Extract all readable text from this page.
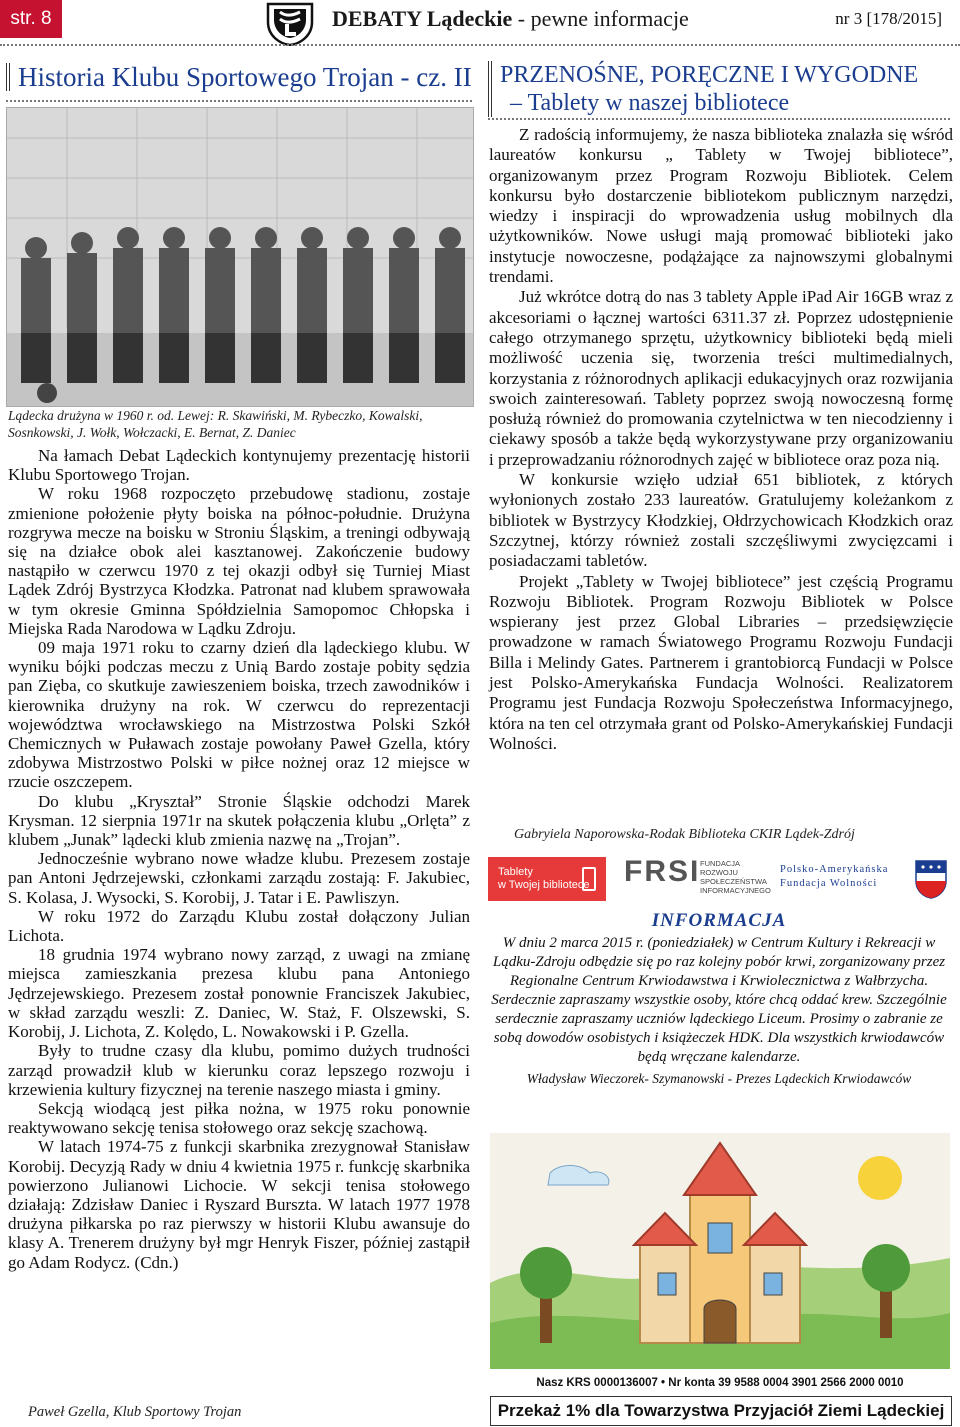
str. 8	DEBATY Lądeckie - pewne informacje	nr 3 [178/2015]
Historia Klubu Sportowego Trojan - cz. II
Lądecka drużyna w 1960 r. od. Lewej: R. Skawiński, M. Rybeczko, Kowalski, Sosnkowski, J. Wołk, Wołczacki, E. Bernat, Z. Daniec

Na łamach Debat Lądeckich kontynujemy prezentację historii Klubu Sportowego Trojan.

W roku 1968 rozpoczęto przebudowę stadionu, zostaje zmienione położenie płyty boiska na północ-południe. Drużyna rozgrywa mecze na boisku w Stroniu Śląskim, a treningi odbywają się na działce obok alei kasztanowej. Zakończenie budowy nastąpiło w czerwcu 1970 z tej okazji odbył się Turniej Miast Lądek Zdrój Bystrzyca Kłodzka. Patronat nad klubem sprawowała w tym okresie Gminna Spółdzielnia Samopomoc Chłopska i Miejska Rada Narodowa w Lądku Zdroju.

09 maja 1971 roku to czarny dzień dla lądeckiego klubu. W wyniku bójki podczas meczu z Unią Bardo zostaje pobity sędzia pan Zięba, co skutkuje zawieszeniem boiska, trzech zawodników i kierownika drużyny na rok. W czerwcu do reprezentacji województwa wrocławskiego na Mistrzostwa Polski Szkół Chemicznych w Puławach zostaje powołany Paweł Gzella, który zdobywa Mistrzostwo Polski w piłce nożnej oraz 12 miejsce w rzucie oszczepem.

Do klubu „Kryształ” Stronie Śląskie odchodzi Marek Krysman. 12 sierpnia 1971r na skutek połączenia klubu „Orlęta” z klubem „Junak” lądecki klub zmienia nazwę na „Trojan”.

Jednocześnie wybrano nowe władze klubu. Prezesem zostaje pan Antoni Jędrzejewski, członkami zarządu zostają: F. Jakubiec, S. Kolasa, J. Wysocki, S. Korobij, J. Tatar i E. Pawliszyn.

W roku 1972 do Zarządu Klubu został dołączony Julian Lichota.

18 grudnia 1974 wybrano nowy zarząd, z uwagi na zmianę miejsca zamieszkania prezesa klubu pana Antoniego Jędrzejewskiego. Prezesem został ponownie Franciszek Jakubiec, w skład zarządu weszli: Z. Daniec, W. Staż, F. Olszewski, S. Korobij, J. Lichota, Z. Kolędo, L. Nowakowski i P. Gzella.

Były to trudne czasy dla klubu, pomimo dużych trudności zarząd prowadził klub w kierunku coraz lepszego rozwoju i krzewienia kultury fizycznej na terenie naszego miasta i gminy.

Sekcją wiodącą jest piłka nożna, w 1975 roku ponownie reaktywowano sekcję tenisa stołowego oraz sekcję szachową.

W latach 1974-75 z funkcji skarbnika zrezygnował Stanisław Korobij. Decyzją Rady w dniu 4 kwietnia 1975 r. funkcję skarbnika powierzono Julianowi Lichocie. W sekcji tenisa stołowego działają: Zdzisław Daniec i Ryszard Bursztа. W latach 1977 1978 drużyna piłkarska po raz pierwszy w historii Klubu awansuje do klasy A. Trenerem drużyny był mgr Henryk Fiszer, później zastąpił go Adam Rodycz. (Cdn.)

Paweł Gzella, Klub Sportowy Trojan
PRZENOŚNE, PORĘCZNE I WYGODNE
– Tablety w naszej bibliotece

Z radością informujemy, że nasza biblioteka znalazła się wśród laureatów konkursu „ Tablety w Twojej bibliotece”, organizowanym przez Program Rozwoju Bibliotek. Celem konkursu było dostarczenie bibliotekom publicznym narzędzi, wiedzy i inspiracji do wprowadzenia usług mobilnych dla użytkowników. Nowe usługi mają promować biblioteki jako instytucje nowoczesne, podążające za najnowszymi globalnymi trendami.

Już wkrótce dotrą do nas 3 tablety Apple iPad Air 16GB wraz z akcesoriami o łącznej wartości 6311.37 zł. Poprzez udostępnienie całego otrzymanego sprzętu, użytkownicy biblioteki będą mieli możliwość uczenia się, tworzenia treści multimedialnych, korzystania z różnorodnych aplikacji edukacyjnych oraz rozwijania swoich zainteresowań. Tablety poprzez swoją nowoczesną formę posłużą również do promowania czytelnictwa w ten niecodzienny i ciekawy sposób a także będą wykorzystywane przy organizowaniu i przeprowadzaniu różnorodnych zajęć w bibliotece oraz poza nią.

W konkursie wzięło udział 651 bibliotek, z których wyłonionych zostało 233 laureatów. Gratulujemy koleżankom z bibliotek w Bystrzycy Kłodzkiej, Ołdrzychowicach Kłodzkich oraz Szczytnej, którzy również zostali szczęśliwymi zwycięzcami i posiadaczami tabletów.

Projekt „Tablety w Twojej bibliotece” jest częścią Programu Rozwoju Bibliotek. Program Rozwoju Bibliotek w Polsce wspierany jest przez Global Libraries – przedsięwzięcie prowadzone w ramach Światowego Programu Rozwoju Fundacji Billa i Melindy Gates. Partnerem i grantobiorcą Fundacji w Polsce jest Polsko-Amerykańska Fundacja Wolności. Realizatorem Programu jest Fundacja Rozwoju Społeczeństwa Informacyjnego, która na ten cel otrzymała grant od Polsko-Amerykańskiej Fundacji Wolności.

Gabryiela Naporowska-Rodak Biblioteka CKIR Lądek-Zdrój
Tablety
w Twojej bibliotece	FRSI FUNDACJA ROZWOJU SPOŁECZEŃSTWA INFORMACYJNEGO
Polsko-Amerykańska
Fundacja Wolności
INFORMACJA
W dniu 2 marca 2015 r. (poniedziałek) w Centrum Kultury i Rekreacji w Lądku-Zdroju odbędzie się po raz kolejny pobór krwi, zorganizowany przez Regionalne Centrum Krwiodawstwa i Krwiolecznictwa z Wałbrzycha. Serdecznie zapraszamy wszystkie osoby, które chcą oddać krew. Szczególnie serdecznie zapraszamy uczniów lądeckiego Liceum. Prosimy o zabranie ze sobą dowodów osobistych i książeczek HDK. Dla wszystkich krwiodawców będą wręczane kalendarze.
Władysław Wieczorek- Szymanowski - Prezes Lądeckich Krwiodawców
Nasz KRS 0000136007 • Nr konta 39 9588 0004 3901 2566 2000 0010
Przekaż 1% dla Towarzystwa Przyjaciół Ziemi Lądeckiej
